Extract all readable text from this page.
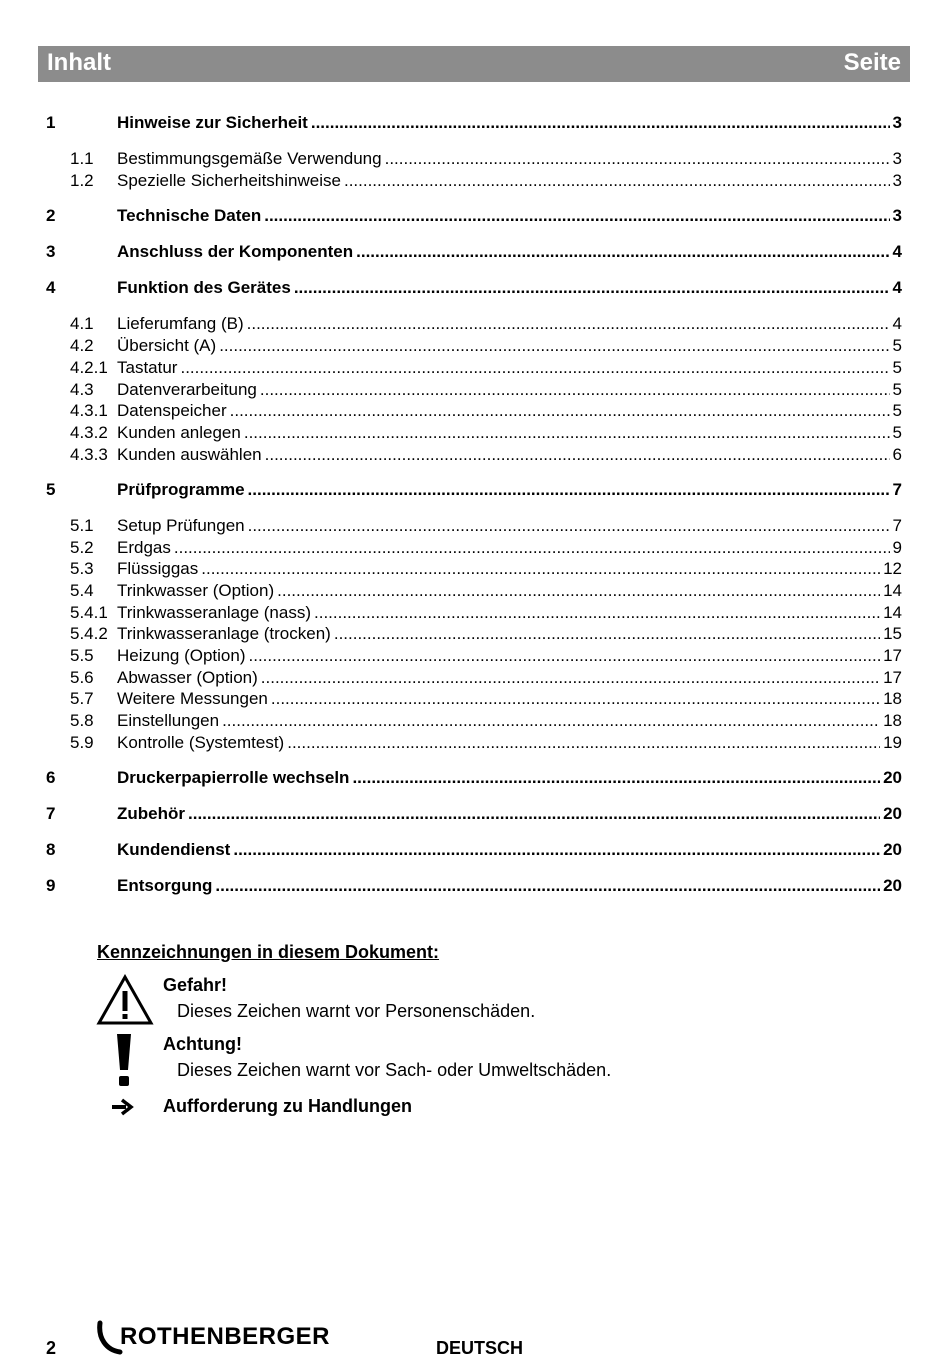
Inhalt	Seite
1	Hinweise zur Sicherheit .....	3
1.1	Bestimmungsgemäße Verwendung .....	3
1.2	Spezielle Sicherheitshinweise .....	3
2	Technische Daten .....	3
3	Anschluss der Komponenten .....	4
4	Funktion des Gerätes .....	4
4.1	Lieferumfang (B) .....	4
4.2	Übersicht (A) .....	5
4.2.1 Tastatur .....	5
4.3	Datenverarbeitung .....	5
4.3.1 Datenspeicher .....	5
4.3.2 Kunden anlegen .....	5
4.3.3 Kunden auswählen .....	6
5	Prüfprogramme .....	7
5.1	Setup Prüfungen .....	7
5.2	Erdgas .....	9
5.3	Flüssiggas .....	12
5.4	Trinkwasser (Option) .....	14
5.4.1 Trinkwasseranlage (nass) .....	14
5.4.2 Trinkwasseranlage (trocken) .....	15
5.5	Heizung (Option) .....	17
5.6	Abwasser (Option) .....	17
5.7	Weitere Messungen .....	18
5.8	Einstellungen .....	18
5.9	Kontrolle (Systemtest) .....	19
6	Druckerpapierrolle wechseln .....	20
7	Zubehör .....	20
8	Kundendienst .....	20
9	Entsorgung .....	20
Kennzeichnungen in diesem Dokument:
Gefahr!
Dieses Zeichen warnt vor Personenschäden.
Achtung!
Dieses Zeichen warnt vor Sach- oder Umweltschäden.
Aufforderung zu Handlungen
2	ROTHENBERGER	DEUTSCH
